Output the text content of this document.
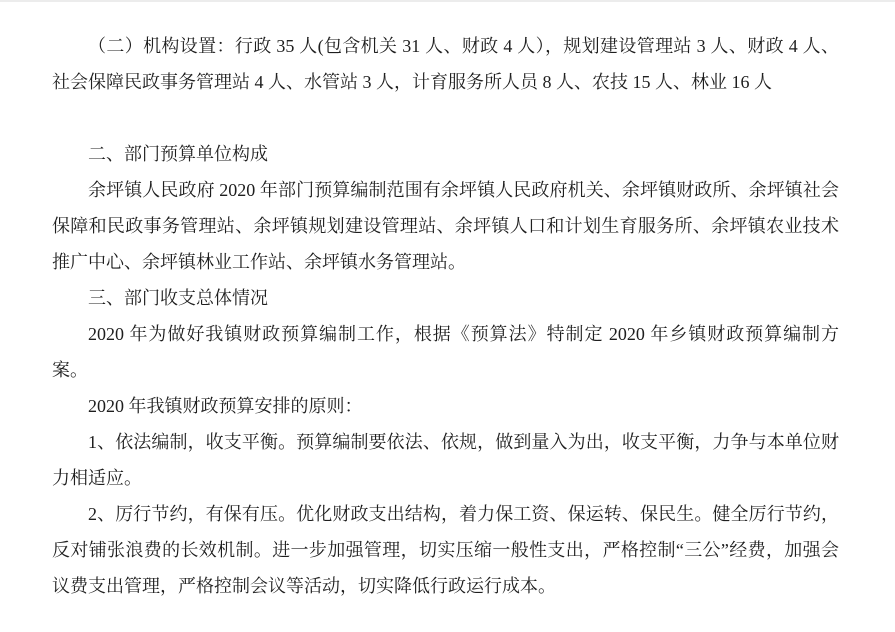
（二）机构设置：行政 35 人(包含机关 31 人、财政 4 人），规划建设管理站 3 人、财政 4 人、社会保障民政事务管理站 4 人、水管站 3 人，计育服务所人员 8 人、农技 15 人、林业 16 人

二、部门预算单位构成

余坪镇人民政府 2020 年部门预算编制范围有余坪镇人民政府机关、余坪镇财政所、余坪镇社会保障和民政事务管理站、余坪镇规划建设管理站、余坪镇人口和计划生育服务所、余坪镇农业技术推广中心、余坪镇林业工作站、余坪镇水务管理站。

三、部门收支总体情况

2020 年为做好我镇财政预算编制工作，根据《预算法》特制定 2020 年乡镇财政预算编制方案。

2020 年我镇财政预算安排的原则：

1、依法编制，收支平衡。预算编制要依法、依规，做到量入为出，收支平衡，力争与本单位财力相适应。

2、厉行节约，有保有压。优化财政支出结构，着力保工资、保运转、保民生。健全厉行节约，反对铺张浪费的长效机制。进一步加强管理，切实压缩一般性支出，严格控制“三公”经费，加强会议费支出管理，严格控制会议等活动，切实降低行政运行成本。
